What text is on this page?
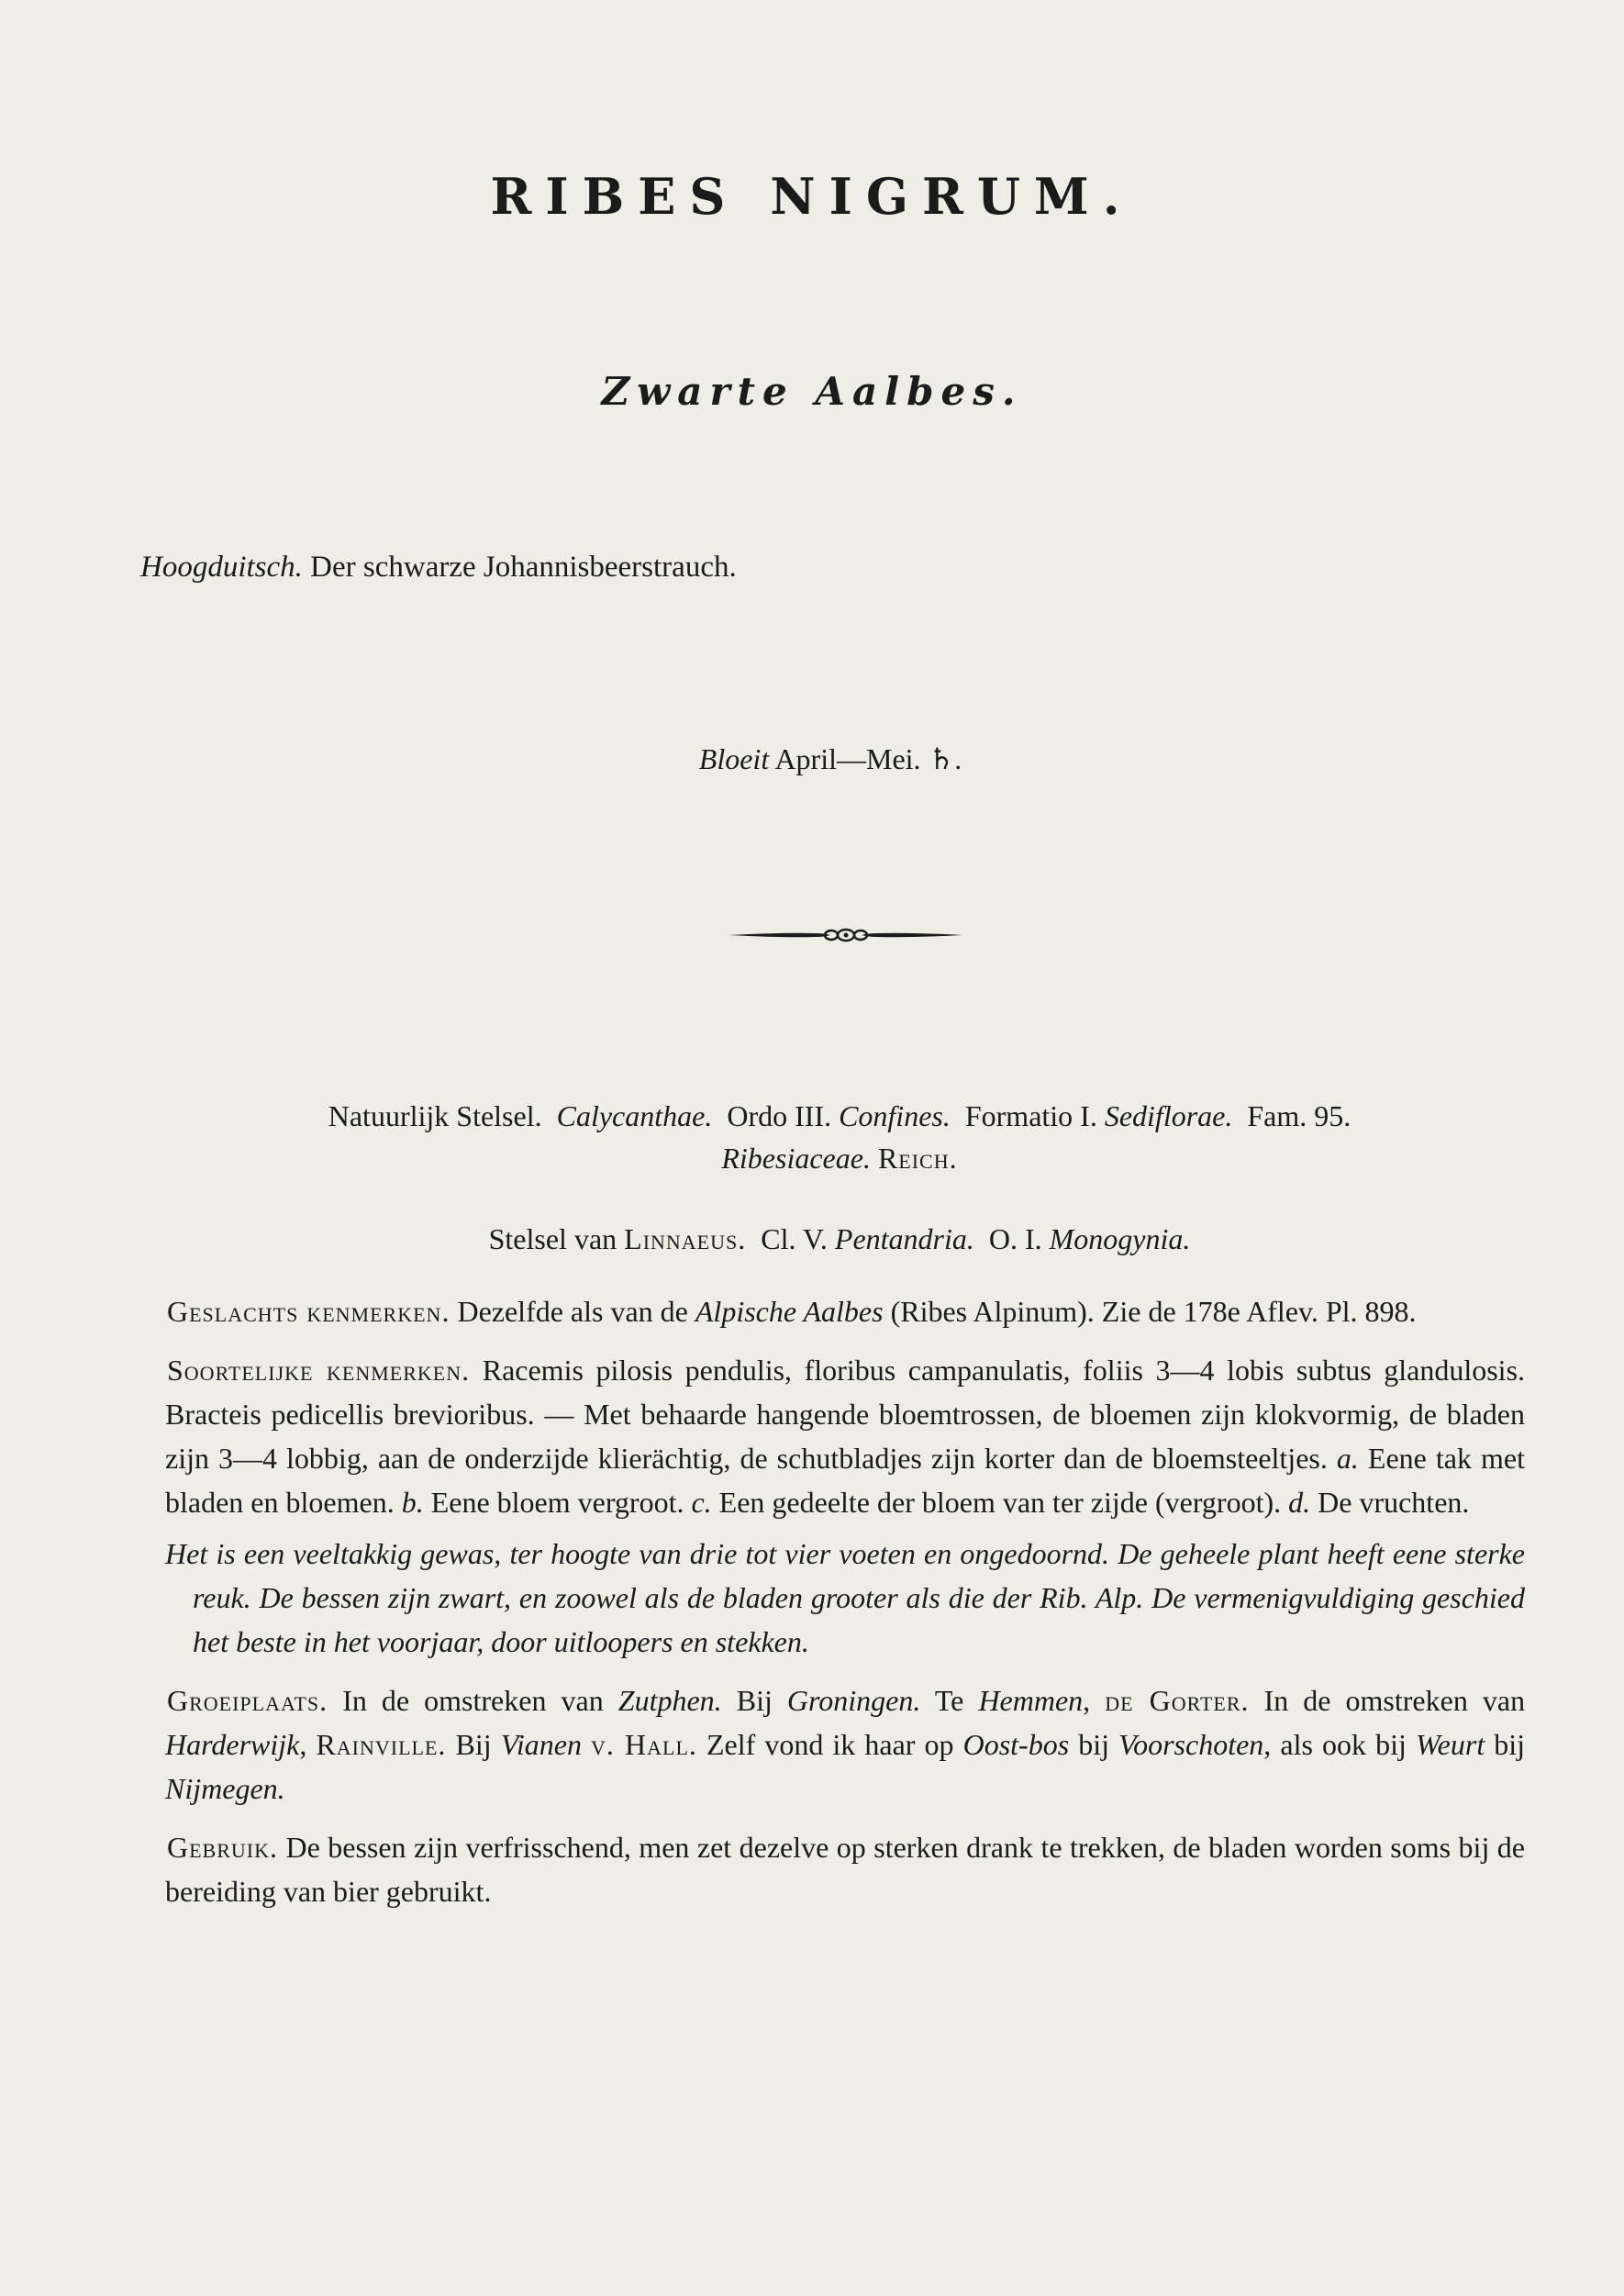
RIBES NIGRUM.
Zwarte Aalbes.

Hoogduitsch. Der schwarze Johannisbeerstrauch.

Bloeit April—Mei. ♄.

Natuurlijk Stelsel. Calycanthae. Ordo III. Confines. Formatio I. Sediflorae. Fam. 95.
Ribesiaceae. Reich.
Stelsel van Linnaeus. Cl. V. Pentandria. O. I. Monogynia.

Geslachts kenmerken. Dezelfde als van de Alpische Aalbes (Ribes Alpinum). Zie de 178e Aflev. Pl. 898.

Soortelijke kenmerken. Racemis pilosis pendulis, floribus campanulatis, foliis 3—4 lobis subtus glandulosis. Bracteis pedicellis brevioribus. — Met behaarde hangende bloemtrossen, de bloemen zijn klokvormig, de bladen zijn 3—4 lobbig, aan de onderzijde klierächtig, de schutbladjes zijn korter dan de bloemsteeltjes. a. Eene tak met bladen en bloemen. b. Eene bloem vergroot. c. Een gedeelte der bloem van ter zijde (vergroot). d. De vruchten.

Het is een veeltakkig gewas, ter hoogte van drie tot vier voeten en ongedoornd. De geheele plant heeft eene sterke reuk. De bessen zijn zwart, en zoowel als de bladen grooter als die der Rib. Alp. De vermenigvuldiging geschied het beste in het voorjaar, door uitloopers en stekken.

Groeiplaats. In de omstreken van Zutphen. Bij Groningen. Te Hemmen, de Gorter. In de omstreken van Harderwijk, Rainville. Bij Vianen v. Hall. Zelf vond ik haar op Oost-bos bij Voorschoten, als ook bij Weurt bij Nijmegen.

Gebruik. De bessen zijn verfrisschend, men zet dezelve op sterken drank te trekken, de bladen worden soms bij de bereiding van bier gebruikt.
